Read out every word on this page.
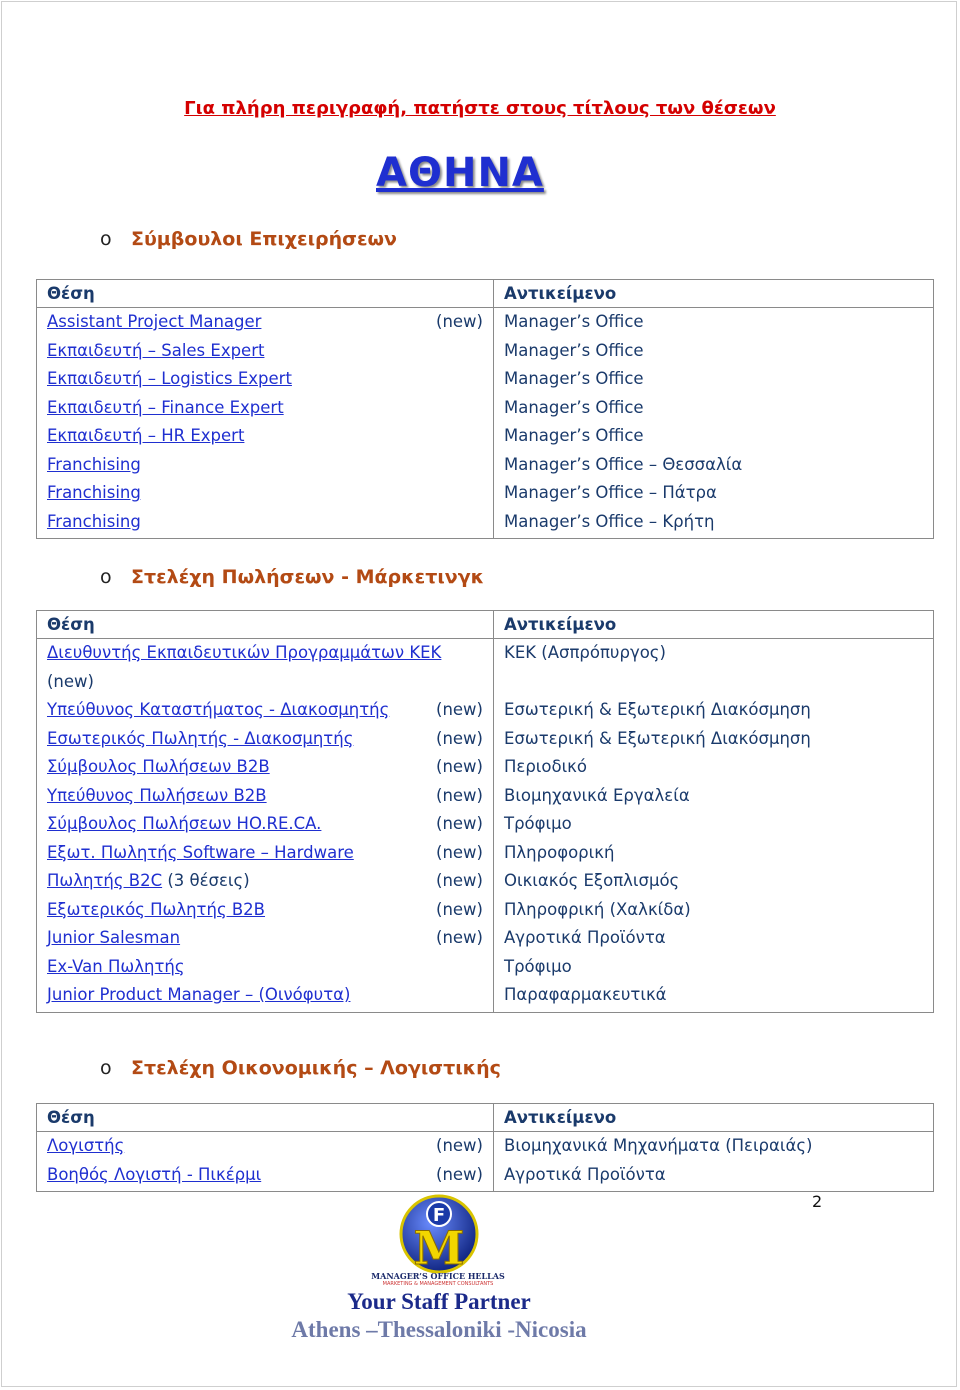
Για πλήρη περιγραφή, πατήστε στους τίτλους των θέσεων
ΑΘΗΝΑ
o Σύμβουλοι Επιχειρήσεων
Θέση	Αντικείμενο

Assistant Project Manager (new)	Manager’s Office

Εκπαιδευτή – Sales Expert	Manager’s Office

Εκπαιδευτή – Logistics Expert	Manager’s Office

Εκπαιδευτή – Finance Expert	Manager’s Office

Εκπαιδευτή – HR Expert	Manager’s Office

Franchising	Manager’s Office – Θεσσαλία

Franchising	Manager’s Office – Πάτρα

Franchising	Manager’s Office – Κρήτη
o Στελέχη Πωλήσεων - Μάρκετινγκ
Θέση	Αντικείμενο

Διευθυντής Εκπαιδευτικών Προγραμμάτων ΚΕΚ
(new)	ΚΕΚ (Ασπρόπυργος)

Υπεύθυνος Καταστήματος - Διακοσμητής (new)	Εσωτερική & Εξωτερική Διακόσμηση

Εσωτερικός Πωλητής - Διακοσμητής (new)	Εσωτερική & Εξωτερική Διακόσμηση

Σύμβουλος Πωλήσεων Β2Β (new)	Περιοδικό

Υπεύθυνος Πωλήσεων Β2Β (new)	Βιομηχανικά Εργαλεία

Σύμβουλος Πωλήσεων HO.RE.CA. (new)	Τρόφιμο

Εξωτ. Πωλητής Software – Hardware (new)	Πληροφορική

Πωλητής B2C (3 θέσεις) (new)	Οικιακός Εξοπλισμός

Εξωτερικός Πωλητής Β2Β (new)	Πληροφρική (Χαλκίδα)

Junior Salesman (new)	Αγροτικά Προϊόντα

Ex-Van Πωλητής	Τρόφιμο

Junior Product Manager – (Οινόφυτα)	Παραφαρμακευτικά
o Στελέχη Οικονομικής – Λογιστικής
Θέση	Αντικείμενο

Λογιστής (new)	Βιομηχανικά Μηχανήματα (Πειραιάς)

Βοηθός Λογιστή - Πικέρμι (new)	Αγροτικά Προϊόντα
2
F
M
MANAGER’S OFFICE HELLAS
MARKETING & MANAGEMENT CONSULTANTS
Your Staff Partner
Athens –Thessaloniki -Nicosia
